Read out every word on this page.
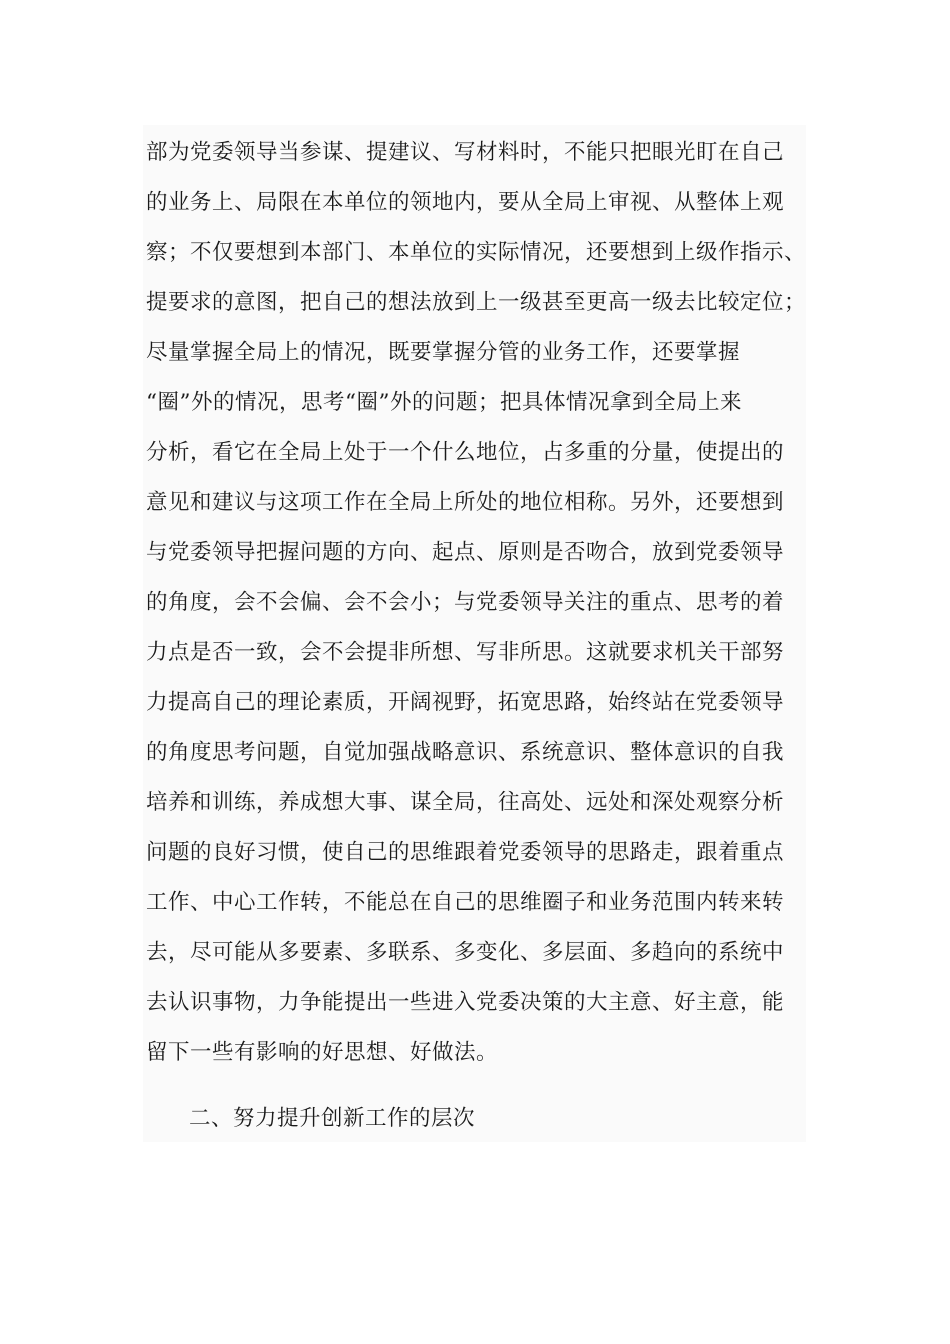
部为党委领导当参谋、提建议、写材料时，不能只把眼光盯在自己
的业务上、局限在本单位的领地内，要从全局上审视、从整体上观
察；不仅要想到本部门、本单位的实际情况，还要想到上级作指示、
提要求的意图，把自己的想法放到上一级甚至更高一级去比较定位；
尽量掌握全局上的情况，既要掌握分管的业务工作，还要掌握
“圈”外的情况，思考“圈”外的问题；把具体情况拿到全局上来
分析，看它在全局上处于一个什么地位，占多重的分量，使提出的
意见和建议与这项工作在全局上所处的地位相称。另外，还要想到
与党委领导把握问题的方向、起点、原则是否吻合，放到党委领导
的角度，会不会偏、会不会小；与党委领导关注的重点、思考的着
力点是否一致，会不会提非所想、写非所思。这就要求机关干部努
力提高自己的理论素质，开阔视野，拓宽思路，始终站在党委领导
的角度思考问题，自觉加强战略意识、系统意识、整体意识的自我
培养和训练，养成想大事、谋全局，往高处、远处和深处观察分析
问题的良好习惯，使自己的思维跟着党委领导的思路走，跟着重点
工作、中心工作转，不能总在自己的思维圈子和业务范围内转来转
去，尽可能从多要素、多联系、多变化、多层面、多趋向的系统中
去认识事物，力争能提出一些进入党委决策的大主意、好主意，能
留下一些有影响的好思想、好做法。
二、努力提升创新工作的层次
